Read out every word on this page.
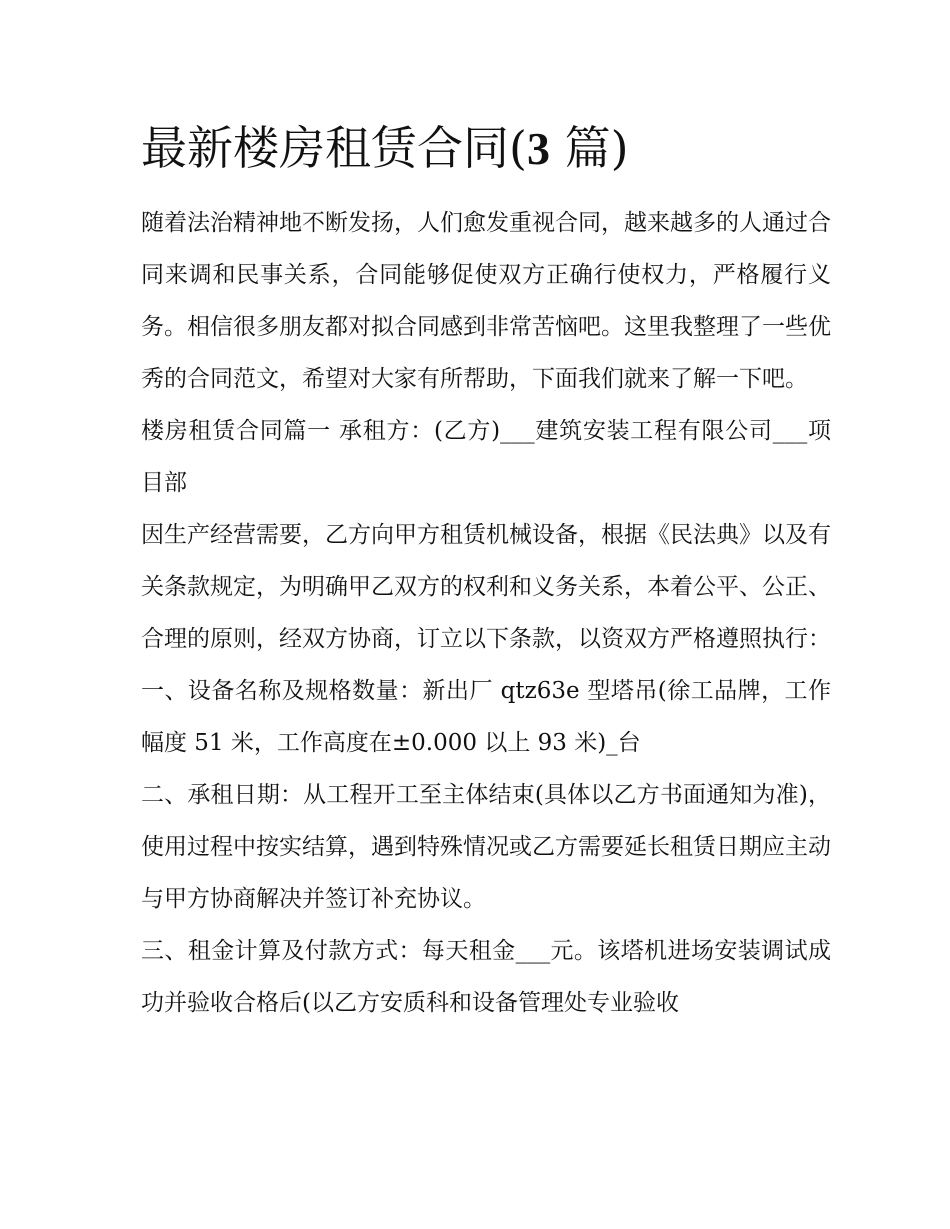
最新楼房租赁合同(3 篇)

随着法治精神地不断发扬，人们愈发重视合同，越来越多的人通过合同来调和民事关系，合同能够促使双方正确行使权力，严格履行义务。相信很多朋友都对拟合同感到非常苦恼吧。这里我整理了一些优秀的合同范文，希望对大家有所帮助，下面我们就来了解一下吧。

楼房租赁合同篇一 承租方：(乙方)___建筑安装工程有限公司___项目部

因生产经营需要，乙方向甲方租赁机械设备，根据《民法典》以及有关条款规定，为明确甲乙双方的权利和义务关系，本着公平、公正、合理的原则，经双方协商，订立以下条款，以资双方严格遵照执行：

一、设备名称及规格数量：新出厂 qtz63e 型塔吊(徐工品牌，工作幅度 51 米，工作高度在±0.000 以上 93 米)_台

二、承租日期：从工程开工至主体结束(具体以乙方书面通知为准)，使用过程中按实结算，遇到特殊情况或乙方需要延长租赁日期应主动与甲方协商解决并签订补充协议。

三、租金计算及付款方式：每天租金___元。该塔机进场安装调试成功并验收合格后(以乙方安质科和设备管理处专业验收
